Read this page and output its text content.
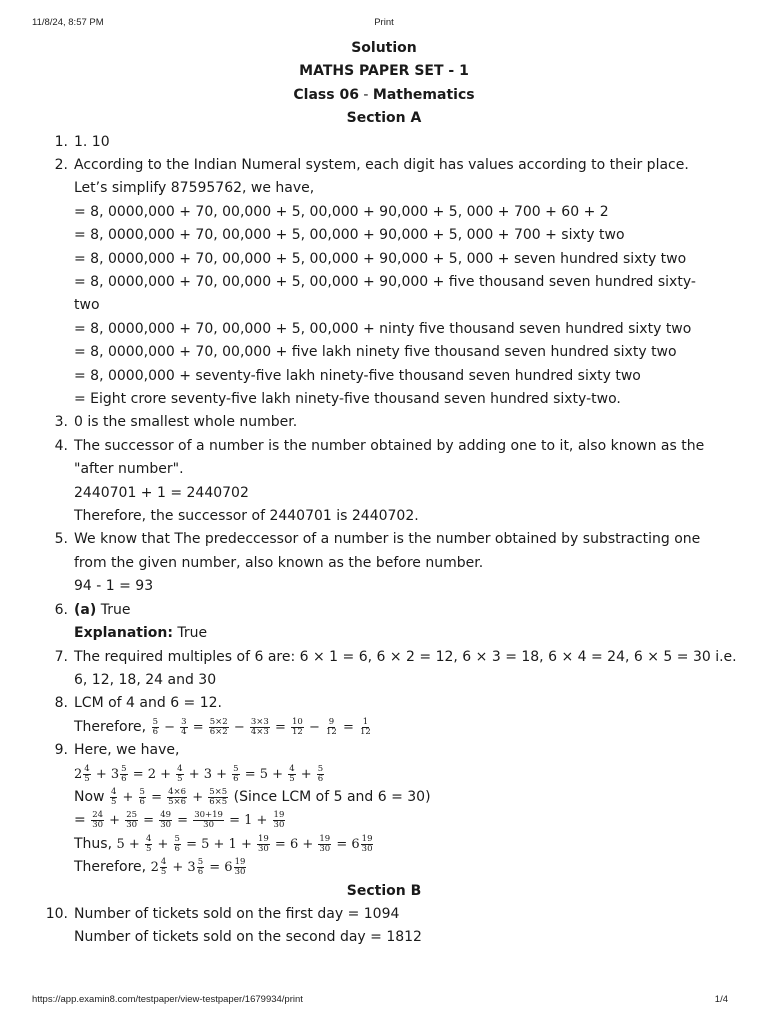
11/8/24, 8:57 PM	Print
Solution
MATHS PAPER SET - 1
Class 06 - Mathematics
Section A
1. 1. 10
2. According to the Indian Numeral system, each digit has values according to their place.
Let’s simplify 87595762, we have,
= 8, 0000,000 + 70, 00,000 + 5, 00,000 + 90,000 + 5, 000 + 700 + 60 + 2
= 8, 0000,000 + 70, 00,000 + 5, 00,000 + 90,000 + 5, 000 + 700 + sixty two
= 8, 0000,000 + 70, 00,000 + 5, 00,000 + 90,000 + 5, 000 + seven hundred sixty two
= 8, 0000,000 + 70, 00,000 + 5, 00,000 + 90,000 + five thousand seven hundred sixty-
two
= 8, 0000,000 + 70, 00,000 + 5, 00,000 + ninty five thousand seven hundred sixty two
= 8, 0000,000 + 70, 00,000 + five lakh ninety five thousand seven hundred sixty two
= 8, 0000,000 + seventy-five lakh ninety-five thousand seven hundred sixty two
= Eight crore seventy-five lakh ninety-five thousand seven hundred sixty-two.
3. 0 is the smallest whole number.
4. The successor of a number is the number obtained by adding one to it, also known as the
"after number".
2440701 + 1 = 2440702
Therefore, the successor of 2440701 is 2440702.
5. We know that The predeccessor of a number is the number obtained by substracting one
from the given number, also known as the before number.
94 - 1 = 93
6. (a) True
Explanation: True
7. The required multiples of 6 are: 6 × 1 = 6, 6 × 2 = 12, 6 × 3 = 18, 6 × 4 = 24, 6 × 5 = 30 i.e.
6, 12, 18, 24 and 30
8. LCM of 4 and 6 = 12.
Therefore, $\frac{5}{6} - \frac{3}{4} = \frac{5\times 2}{6\times 2} - \frac{3\times 3}{4\times 3} = \frac{10}{12} - \frac{9}{12} = \frac{1}{12}$
9. Here, we have,
$2 \frac{4}{5} + 3 \frac{5}{6} = 2 + \frac{4}{5} + 3 + \frac{5}{6} = 5 + \frac{4}{5} + \frac{5}{6}$
Now $\frac{4}{5} + \frac{5}{6} = \frac{4\times 6}{5\times 6} + \frac{5\times 5}{6\times 5}$ (Since LCM of 5 and 6 = 30)
= $\frac{24}{30} + \frac{25}{30} = \frac{49}{30} = \frac{30+19}{30} = 1 + \frac{19}{30}$
Thus, $5 + \frac{4}{5} + \frac{5}{6} = 5 + 1 + \frac{19}{30} = 6 + \frac{19}{30} = 6 \frac{19}{30}$
Therefore, $2 \frac{4}{5} + 3 \frac{5}{6} = 6 \frac{19}{30}$
Section B
10. Number of tickets sold on the first day = 1094
Number of tickets sold on the second day = 1812
https://app.examin8.com/testpaper/view-testpaper/1679934/print	1/4
